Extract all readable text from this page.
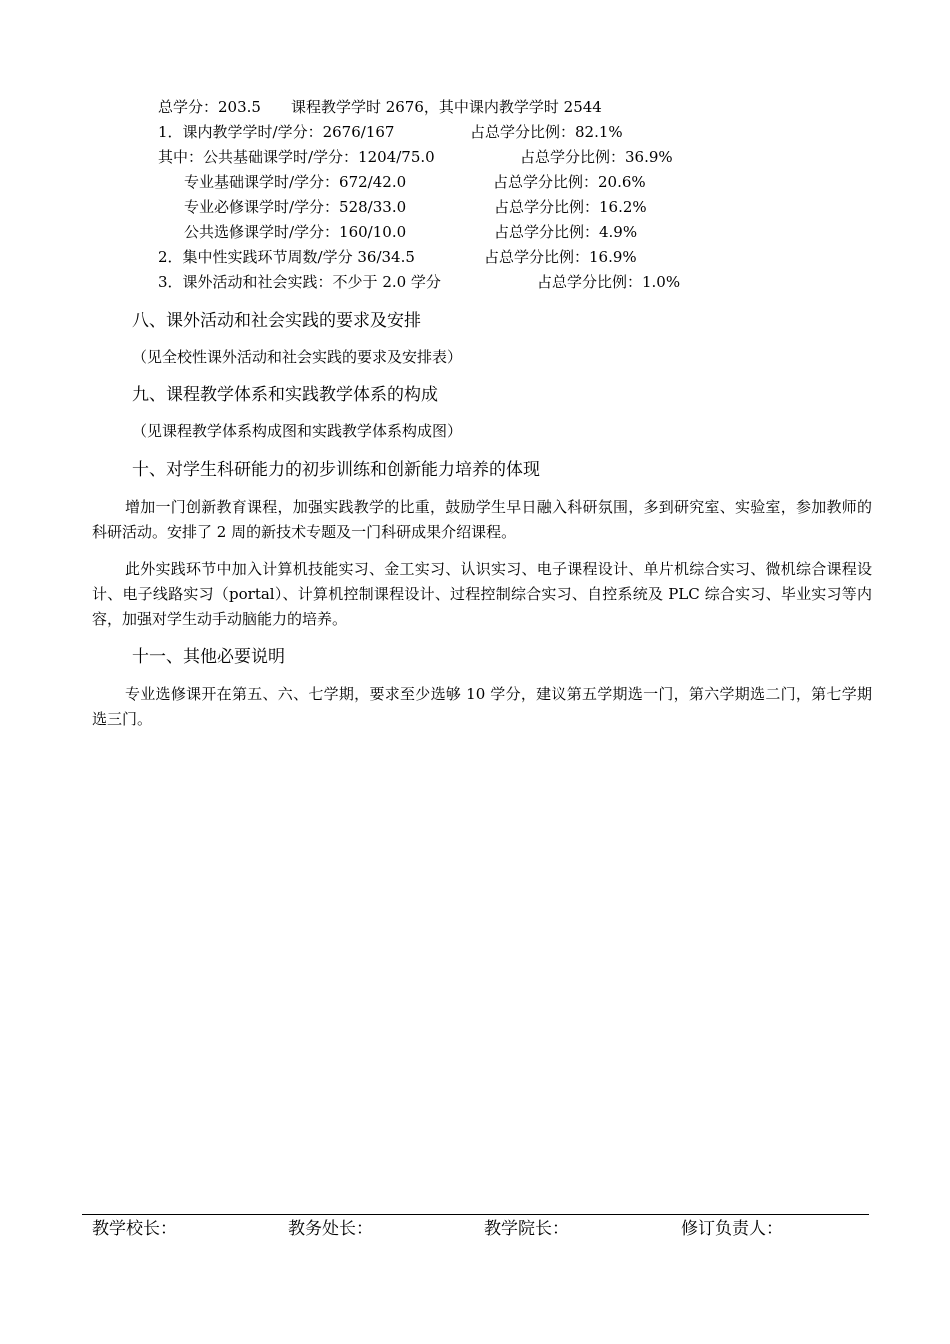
总学分：203.5　　课程教学学时 2676，其中课内教学学时 2544
1．课内教学学时/学分：2676/167	占总学分比例：82.1%
其中：公共基础课学时/学分：1204/75.0	占总学分比例：36.9%
专业基础课学时/学分：672/42.0	占总学分比例：20.6%
专业必修课学时/学分：528/33.0	占总学分比例：16.2%
公共选修课学时/学分：160/10.0	占总学分比例：4.9%
2．集中性实践环节周数/学分 36/34.5	占总学分比例：16.9%
3．课外活动和社会实践：不少于 2.0 学分	占总学分比例：1.0%
八、课外活动和社会实践的要求及安排
（见全校性课外活动和社会实践的要求及安排表）
九、课程教学体系和实践教学体系的构成
（见课程教学体系构成图和实践教学体系构成图）
十、对学生科研能力的初步训练和创新能力培养的体现
增加一门创新教育课程，加强实践教学的比重，鼓励学生早日融入科研氛围，多到研究室、实验室，参加教师的科研活动。安排了 2 周的新技术专题及一门科研成果介绍课程。
此外实践环节中加入计算机技能实习、金工实习、认识实习、电子课程设计、单片机综合实习、微机综合课程设计、电子线路实习（portal）、计算机控制课程设计、过程控制综合实习、自控系统及 PLC 综合实习、毕业实习等内容，加强对学生动手动脑能力的培养。
十一、其他必要说明
专业选修课开在第五、六、七学期，要求至少选够 10 学分，建议第五学期选一门，第六学期选二门，第七学期选三门。
教学校长：	教务处长：	教学院长：	修订负责人：
